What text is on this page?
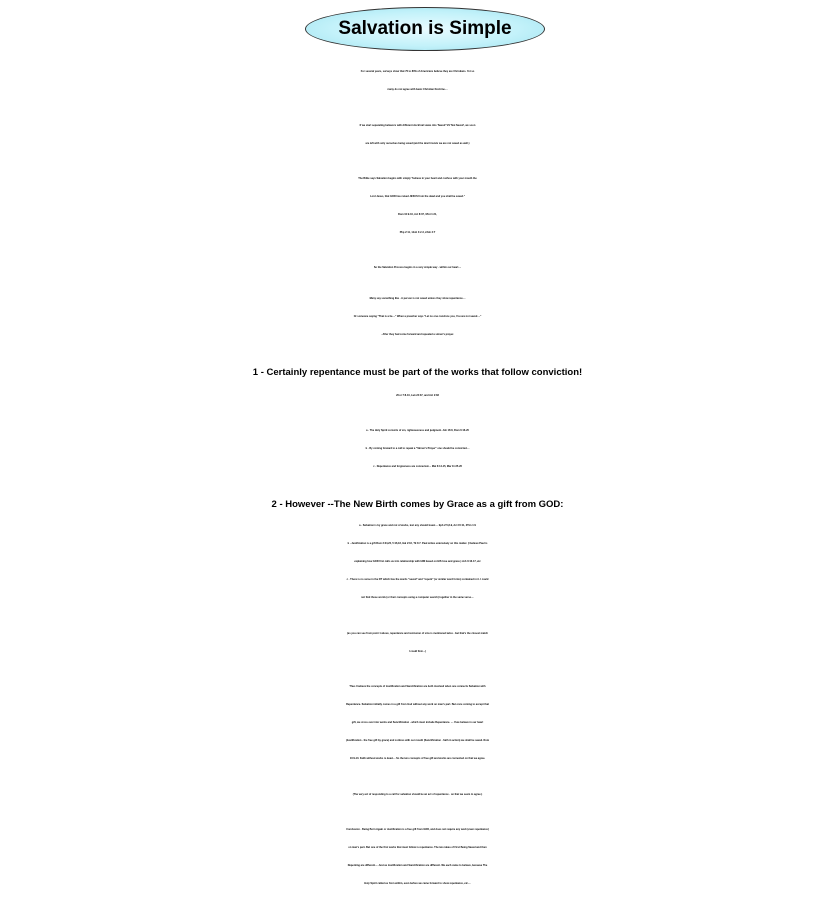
Salvation is Simple

For several years, surveys show that 70 to 80% of Americans believe they are Christians. Yet so

many do not agree with basic Christian Doctrine....

If we start separating believers with different doctrinal views into 'Saved' VS 'Not Saved', we soon

are left with only ourselves being saved (and the devil insists we are not saved as well.)

The Bible says Salvation begins with simply "believe in your heart and confess with your mouth the

Lord Jesus, that GOD has raised JESUS from the dead and you shall be saved."

Rom 10:9-10, Act 8:37, 1Pet 1:21,

Php 2:11, 1Joh 4:2-3, 2Joh 2:7

So the Salvation Process begins in a very simple way - within our heart....

Many say something like - A person is not saved unless they show repentance....

Or someone saying "That is a lie...." When a preacher says "Let no one convince you, You are not saved...."

- After they had come forward and repeated a sinner's prayer.

1 - Certainly repentance must be part of the works that follow conviction!

2Cor 7:8-10, Luk 24:47, and Act 2:38

a - The Holy Spirit convicts of sin, righteousness and judgment. Joh 16:8, Rom 6:16-20

b - By coming forward to a call to repeat a "Sinner's Prayer" one should be convicted....

c - Repentance and forgiveness are connected.... Mat 6:14-15, Mar 11:25-26

2 - However --The New Birth comes by Grace as a gift from GOD:

a - Salvation is by grace and not of works, lest any should boast.... Eph 2:5,8-9, Act 15:11, 2Tim 1:9

b - Justification is a gift Rom 3:24,26, 5:16,18, Gal 2:16, Tit 3:7. Paul writes extensively on this matter. (I believe Paul is

explaining how GOD first calls us into relationship with HIM based on HIS love and grace.) Joh 3:16-17, etc

c - There is no verse in the NT which has the words "saved" and "repent" (or similar word forms) contained in it. I could

not find those words (or their concepts using a computer search) together in the same verse....

(as you can see from point 1 above, repentance and remission of sins is mentioned twice - but that's the closest match

I could find....)

Thus I believe the concepts of Justification and Sanctification are both involved when one connects Salvation with

Repentance. Salvation initially comes in a gift from God without any work on man's part. But once coming to accept that

gift, we cross over into works and Sanctification - which must include Repentance. --- If we believe in our heart

(Justification - the free gift by grace) and confess with our mouth (Sanctification - faith in action) we shall be saved. Rom

10:9-10. Faith without works is dead.... So the two concepts of free gift and works are connected on that we agree.

(The very act of responding to a call for salvation should be an act of repentance - on that we seem to agree.)

Conclusion - Being Born Again or Justification is a free gift from GOD, and does not require any work (even repentance)

on man's part. But one of the first works that must follow is repentance. The two ideas of First Being Saved and then

Repenting are different.... Just as Justification and Sanctification are different. We each came to believe, because The

Holy Spirit called us from within, even before we came forward to show repentance, etc....
